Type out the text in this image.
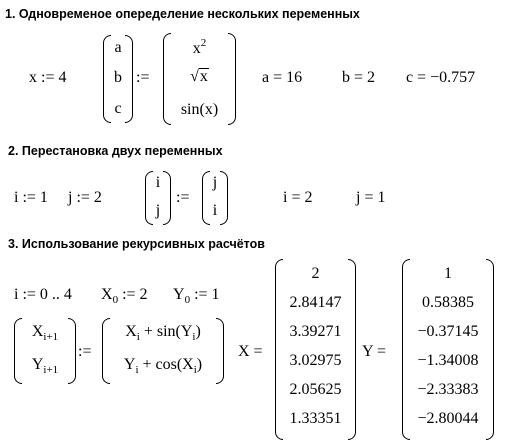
1. Одновременое опеределение нескольких переменных
x := 4
a
b
c
:=
$x^2$
√x
sin(x)
a = 16 b = 2 c = −0.757
2. Перестановка двух переменных
i := 1 j := 2
i
j
:=
j
i
i = 2	j = 1
3. Использование рекурсивных расчётов
i := 0 .. 4 $X_0$ := 2 $Y_0$ := 1
$X_{i+1}$
$Y_{i+1}$
:=
$X_i + \sin(Y_i)$
$Y_i + \cos(X_i)$
X =
2
2.84147
3.39271
3.02975
2.05625
1.33351
Y =
1
0.58385
−0.37145
−1.34008
−2.33383
−2.80044
